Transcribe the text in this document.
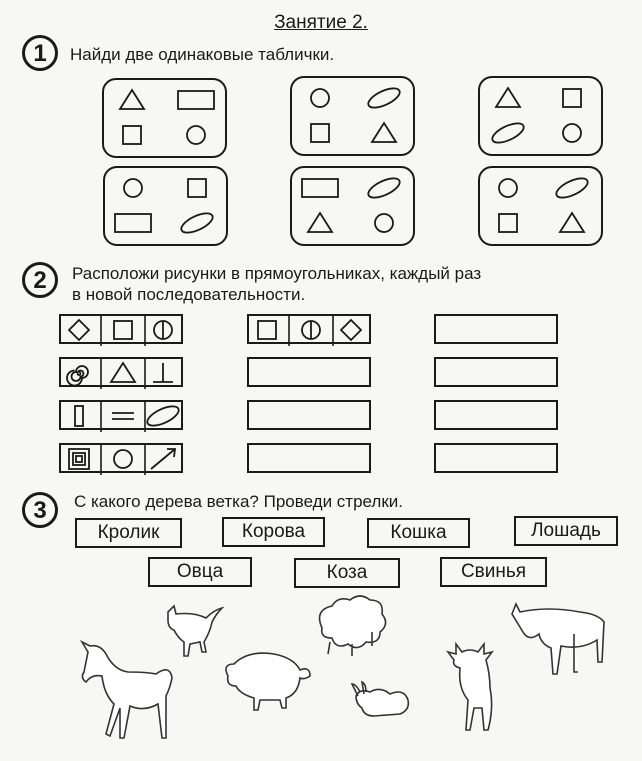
Занятие 2.
1	Найди две одинаковые таблички.
2	Расположи рисунки в прямоугольниках, каждый раз
в новой последовательности.
3	С какого дерева ветка? Проведи стрелки.
Кролик	Корова	Кошка	Лошадь
Овца	Коза	Свинья
